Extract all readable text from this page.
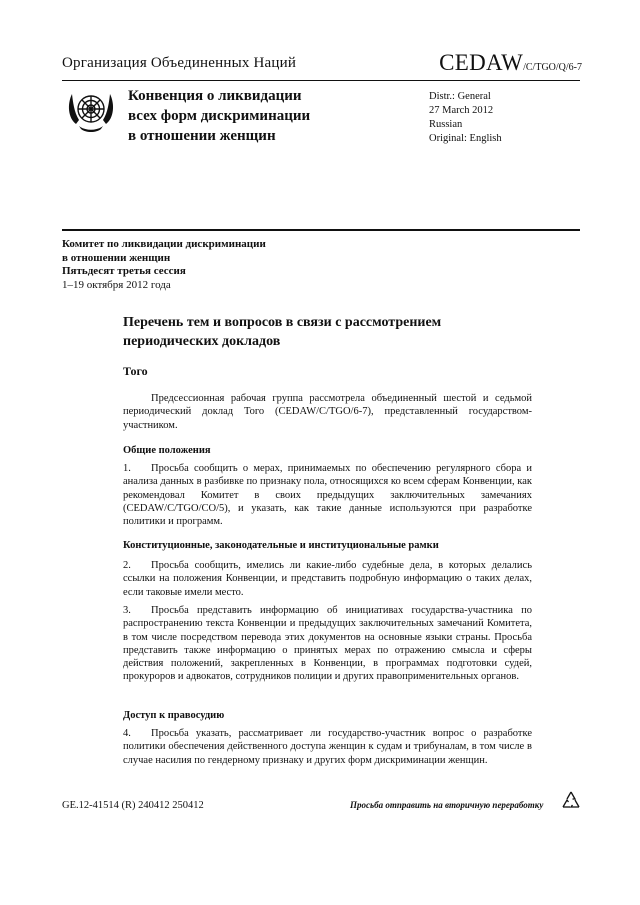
Организация Объединенных Наций	CEDAW/C/TGO/Q/6-7
Конвенция о ликвидации
всех форм дискриминации
в отношении женщин
Distr.: General
27 March 2012
Russian
Original: English
Комитет по ликвидации дискриминации
в отношении женщин
Пятьдесят третья сессия
1–19 октября 2012 года
Перечень тем и вопросов в связи с рассмотрением
периодических докладов
Того
Предсессионная рабочая группа рассмотрела объединенный шестой и седьмой периодический доклад Того (CEDAW/C/TGO/6-7), представленный государством-участником.
Общие положения
1. Просьба сообщить о мерах, принимаемых по обеспечению регулярного сбора и анализа данных в разбивке по признаку пола, относящихся ко всем сферам Конвенции, как рекомендовал Комитет в своих предыдущих заключительных замечаниях (CEDAW/C/TGO/CO/5), и указать, как такие данные используются при разработке политики и программ.
Конституционные, законодательные и институциональные рамки
2. Просьба сообщить, имелись ли какие-либо судебные дела, в которых делались ссылки на положения Конвенции, и представить подробную информацию о таких делах, если таковые имели место.
3. Просьба представить информацию об инициативах государства-участника по распространению текста Конвенции и предыдущих заключительных замечаний Комитета, в том числе посредством перевода этих документов на основные языки страны. Просьба представить также информацию о принятых мерах по отражению смысла и сферы действия положений, закрепленных в Конвенции, в программах подготовки судей, прокуроров и адвокатов, сотрудников полиции и других правоприменительных органов.
Доступ к правосудию
4. Просьба указать, рассматривает ли государство-участник вопрос о разработке политики обеспечения действенного доступа женщин к судам и трибуналам, в том числе в случае насилия по гендерному признаку и других форм дискриминации женщин.
GE.12-41514 (R) 240412 250412	Просьба отправить на вторичную переработку
